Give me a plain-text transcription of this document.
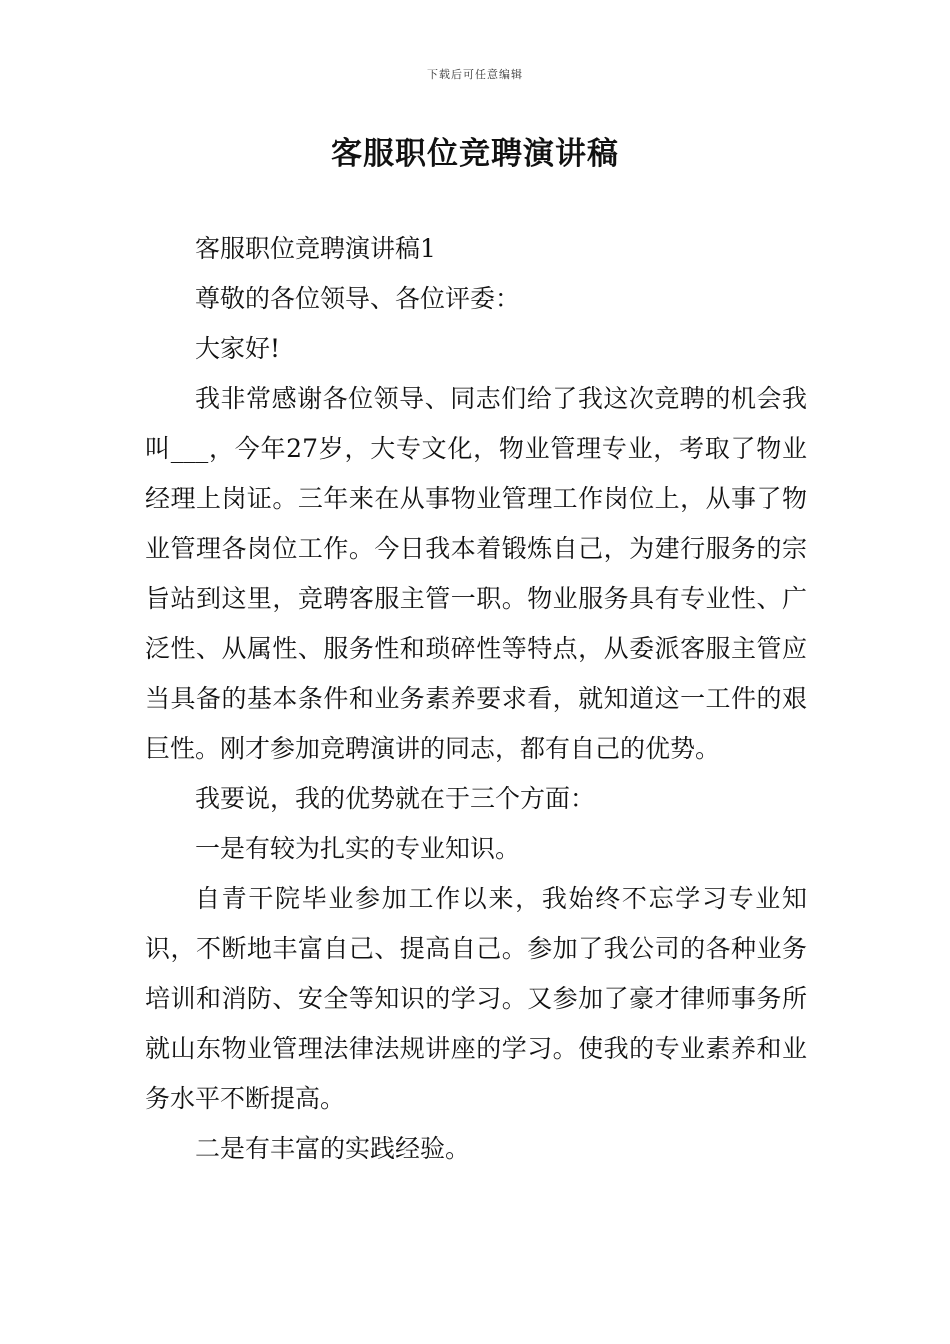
下载后可任意编辑
客服职位竞聘演讲稿

客服职位竞聘演讲稿1

尊敬的各位领导、各位评委：

大家好!

我非常感谢各位领导、同志们给了我这次竞聘的机会我叫___，今年27岁，大专文化，物业管理专业，考取了物业经理上岗证。三年来在从事物业管理工作岗位上，从事了物业管理各岗位工作。今日我本着锻炼自己，为建行服务的宗旨站到这里，竞聘客服主管一职。物业服务具有专业性、广泛性、从属性、服务性和琐碎性等特点，从委派客服主管应当具备的基本条件和业务素养要求看，就知道这一工件的艰巨性。刚才参加竞聘演讲的同志，都有自己的优势。

我要说，我的优势就在于三个方面：

一是有较为扎实的专业知识。

自青干院毕业参加工作以来，我始终不忘学习专业知识，不断地丰富自己、提高自己。参加了我公司的各种业务培训和消防、安全等知识的学习。又参加了豪才律师事务所就山东物业管理法律法规讲座的学习。使我的专业素养和业务水平不断提高。

二是有丰富的实践经验。
